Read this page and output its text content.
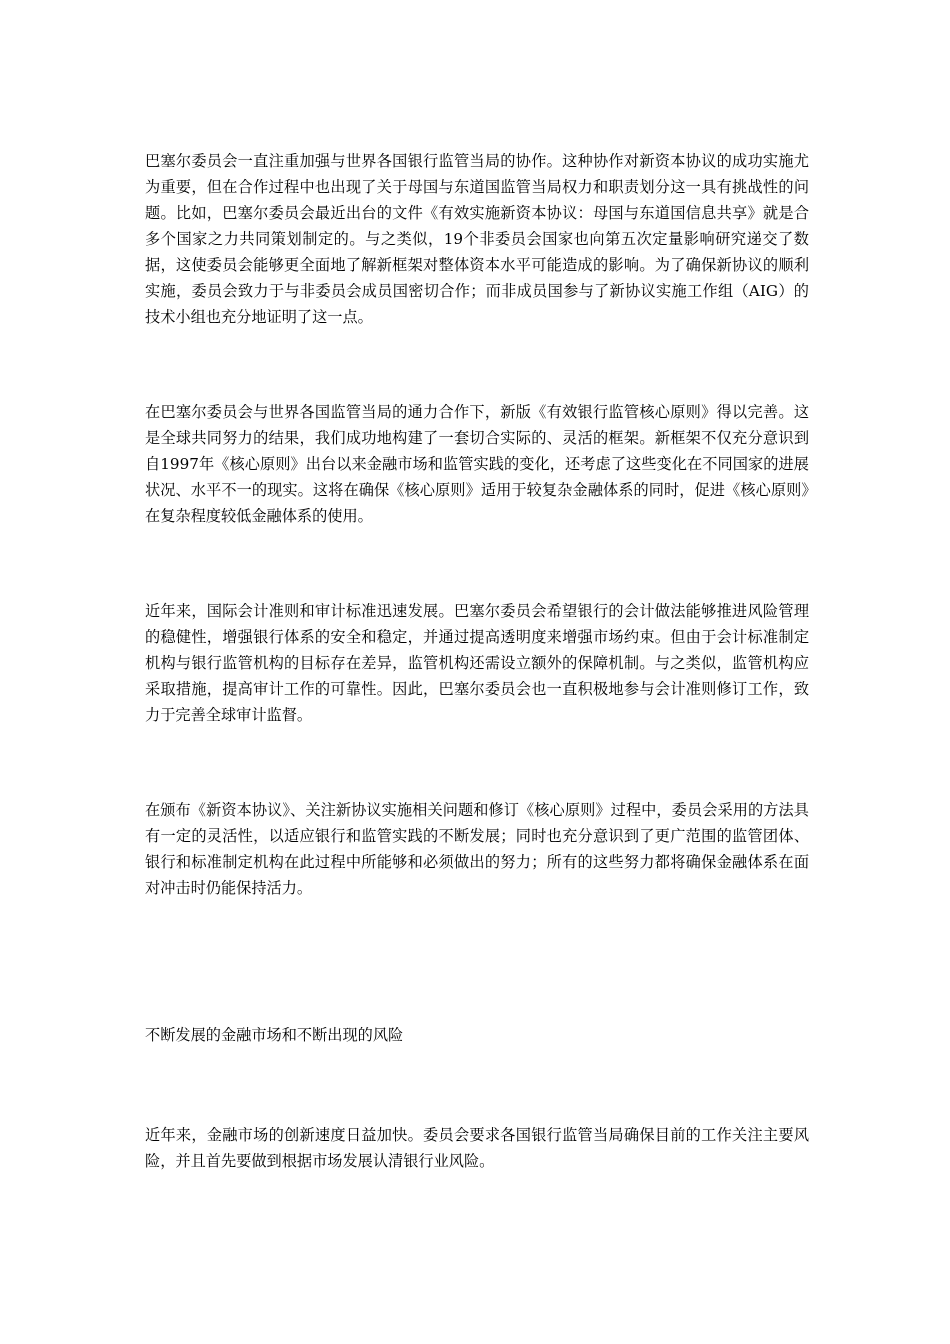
巴塞尔委员会一直注重加强与世界各国银行监管当局的协作。这种协作对新资本协议的成功实施尤为重要，但在合作过程中也出现了关于母国与东道国监管当局权力和职责划分这一具有挑战性的问题。比如，巴塞尔委员会最近出台的文件《有效实施新资本协议：母国与东道国信息共享》就是合多个国家之力共同策划制定的。与之类似，19个非委员会国家也向第五次定量影响研究递交了数据，这使委员会能够更全面地了解新框架对整体资本水平可能造成的影响。为了确保新协议的顺利实施，委员会致力于与非委员会成员国密切合作；而非成员国参与了新协议实施工作组（AIG）的技术小组也充分地证明了这一点。

在巴塞尔委员会与世界各国监管当局的通力合作下，新版《有效银行监管核心原则》得以完善。这是全球共同努力的结果，我们成功地构建了一套切合实际的、灵活的框架。新框架不仅充分意识到自1997年《核心原则》出台以来金融市场和监管实践的变化，还考虑了这些变化在不同国家的进展状况、水平不一的现实。这将在确保《核心原则》适用于较复杂金融体系的同时，促进《核心原则》在复杂程度较低金融体系的使用。

近年来，国际会计准则和审计标准迅速发展。巴塞尔委员会希望银行的会计做法能够推进风险管理的稳健性，增强银行体系的安全和稳定，并通过提高透明度来增强市场约束。但由于会计标准制定机构与银行监管机构的目标存在差异，监管机构还需设立额外的保障机制。与之类似，监管机构应采取措施，提高审计工作的可靠性。因此，巴塞尔委员会也一直积极地参与会计准则修订工作，致力于完善全球审计监督。

在颁布《新资本协议》、关注新协议实施相关问题和修订《核心原则》过程中，委员会采用的方法具有一定的灵活性，以适应银行和监管实践的不断发展；同时也充分意识到了更广范围的监管团体、银行和标准制定机构在此过程中所能够和必须做出的努力；所有的这些努力都将确保金融体系在面对冲击时仍能保持活力。

不断发展的金融市场和不断出现的风险

近年来，金融市场的创新速度日益加快。委员会要求各国银行监管当局确保目前的工作关注主要风险，并且首先要做到根据市场发展认清银行业风险。
